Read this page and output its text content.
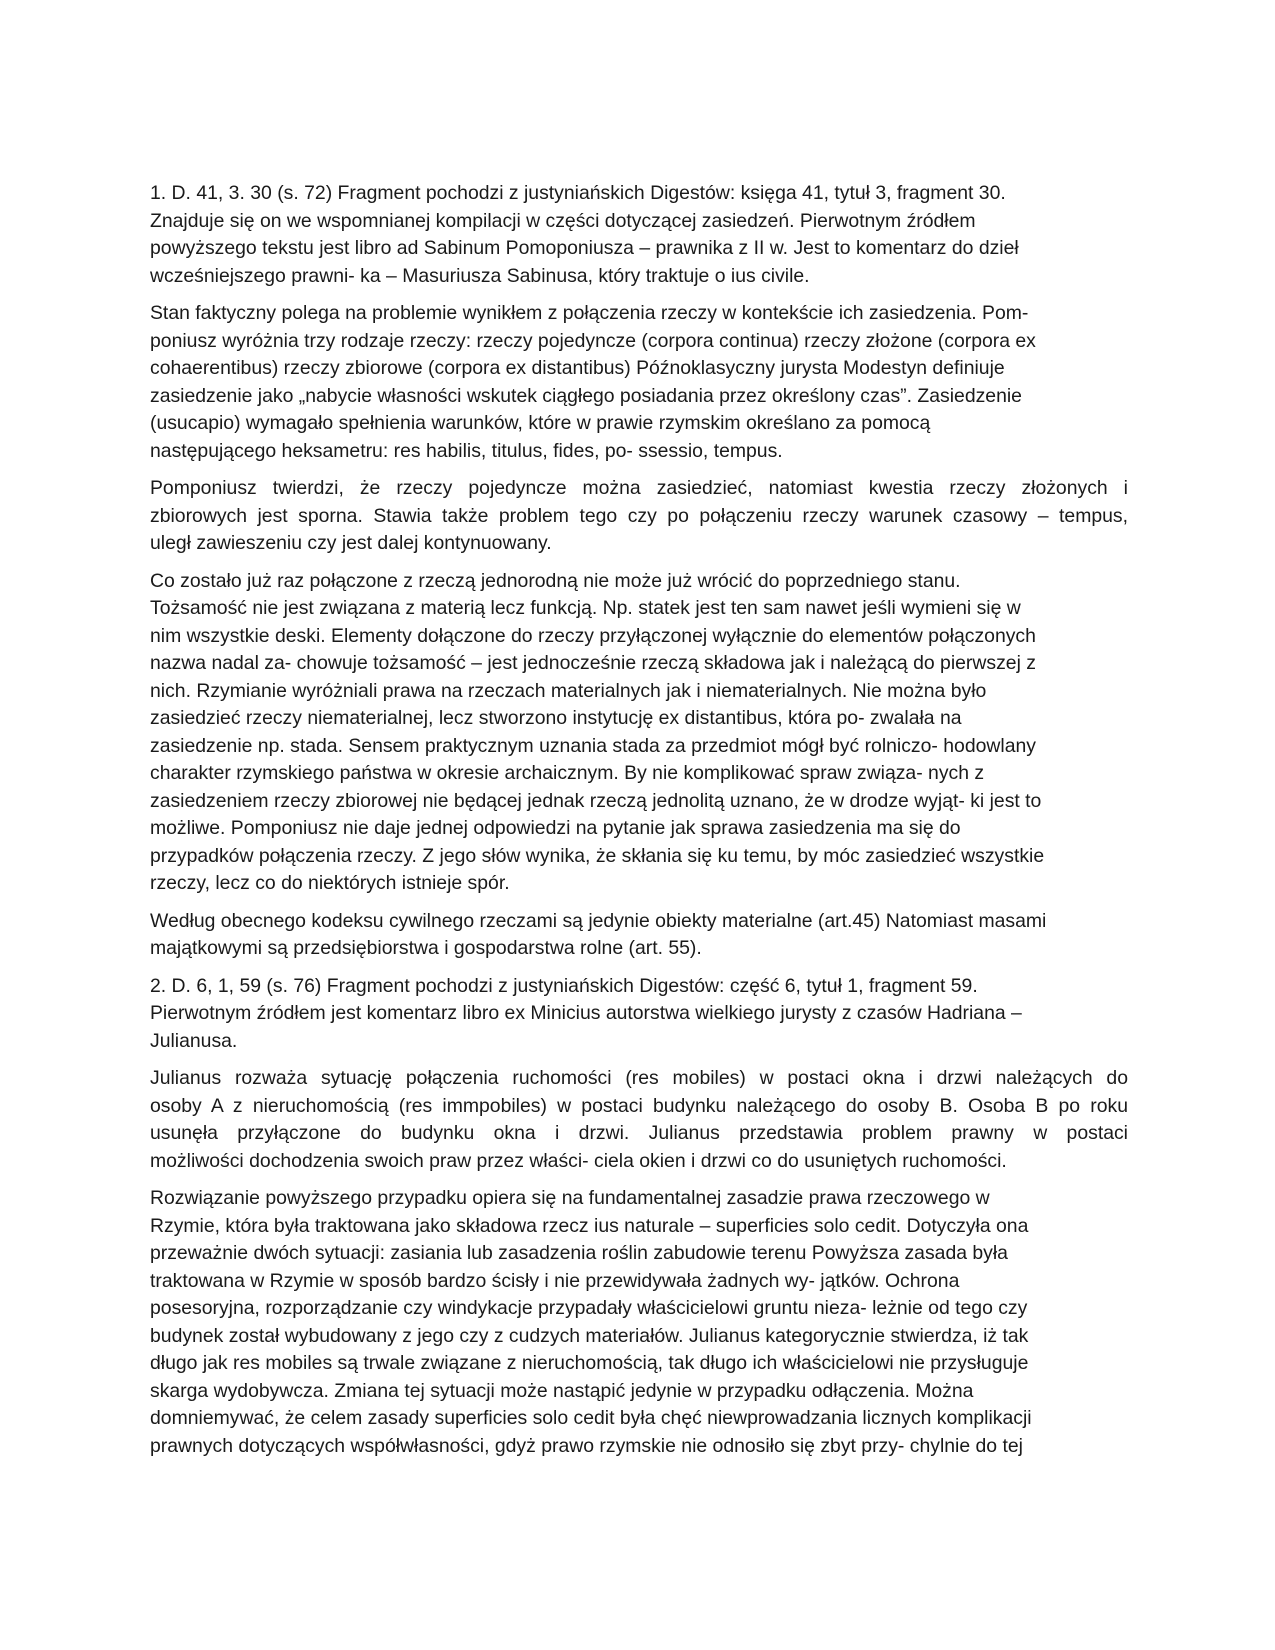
1. D. 41, 3. 30 (s. 72) Fragment pochodzi z justyniańskich Digestów: księga 41, tytuł 3, fragment 30.
Znajduje się on we wspomnianej kompilacji w części dotyczącej zasiedzeń. Pierwotnym źródłem
powyższego tekstu jest libro ad Sabinum Pomoponiusza – prawnika z II w. Jest to komentarz do dzieł
wcześniejszego prawni- ka – Masuriusza Sabinusa, który traktuje o ius civile.
Stan faktyczny polega na problemie wynikłem z połączenia rzeczy w kontekście ich zasiedzenia. Pom-
poniusz wyróżnia trzy rodzaje rzeczy: rzeczy pojedyncze (corpora continua) rzeczy złożone (corpora ex
cohaerentibus) rzeczy zbiorowe (corpora ex distantibus) Późnoklasyczny jurysta Modestyn definiuje
zasiedzenie jako „nabycie własności wskutek ciągłego posiadania przez określony czas”. Zasiedzenie
(usucapio) wymagało spełnienia warunków, które w prawie rzymskim określano za pomocą
następującego heksametru: res habilis, titulus, fides, po- ssessio, tempus.
Pomponiusz twierdzi, że rzeczy pojedyncze można zasiedzieć, natomiast kwestia rzeczy złożonych i
zbiorowych jest sporna. Stawia także problem tego czy po połączeniu rzeczy warunek czasowy – tempus,
uległ zawieszeniu czy jest dalej kontynuowany.
Co zostało już raz połączone z rzeczą jednorodną nie może już wrócić do poprzedniego stanu.
Tożsamość nie jest związana z materią lecz funkcją. Np. statek jest ten sam nawet jeśli wymieni się w
nim wszystkie deski. Elementy dołączone do rzeczy przyłączonej wyłącznie do elementów połączonych
nazwa nadal za- chowuje tożsamość – jest jednocześnie rzeczą składowa jak i należącą do pierwszej z
nich. Rzymianie wyróżniali prawa na rzeczach materialnych jak i niematerialnych. Nie można było
zasiedzieć rzeczy niematerialnej, lecz stworzono instytucję ex distantibus, która po- zwalała na
zasiedzenie np. stada. Sensem praktycznym uznania stada za przedmiot mógł być rolniczo- hodowlany
charakter rzymskiego państwa w okresie archaicznym. By nie komplikować spraw związa- nych z
zasiedzeniem rzeczy zbiorowej nie będącej jednak rzeczą jednolitą uznano, że w drodze wyjąt- ki jest to
możliwe. Pomponiusz nie daje jednej odpowiedzi na pytanie jak sprawa zasiedzenia ma się do
przypadków połączenia rzeczy. Z jego słów wynika, że skłania się ku temu, by móc zasiedzieć wszystkie
rzeczy, lecz co do niektórych istnieje spór.
Według obecnego kodeksu cywilnego rzeczami są jedynie obiekty materialne (art.45) Natomiast masami
majątkowymi są przedsiębiorstwa i gospodarstwa rolne (art. 55).
2. D. 6, 1, 59 (s. 76) Fragment pochodzi z justyniańskich Digestów: część 6, tytuł 1, fragment 59.
Pierwotnym źródłem jest komentarz libro ex Minicius autorstwa wielkiego jurysty z czasów Hadriana –
Julianusa.
Julianus rozważa sytuację połączenia ruchomości (res mobiles) w postaci okna i drzwi należących do
osoby A z nieruchomością (res immpobiles) w postaci budynku należącego do osoby B. Osoba B po roku
usunęła przyłączone do budynku okna i drzwi. Julianus przedstawia problem prawny w postaci
możliwości dochodzenia swoich praw przez właści- ciela okien i drzwi co do usuniętych ruchomości.
Rozwiązanie powyższego przypadku opiera się na fundamentalnej zasadzie prawa rzeczowego w
Rzymie, która była traktowana jako składowa rzecz ius naturale – superficies solo cedit. Dotyczyła ona
przeważnie dwóch sytuacji: zasiania lub zasadzenia roślin zabudowie terenu Powyższa zasada była
traktowana w Rzymie w sposób bardzo ścisły i nie przewidywała żadnych wy- jątków. Ochrona
posesoryjna, rozporządzanie czy windykacje przypadały właścicielowi gruntu nieza- leżnie od tego czy
budynek został wybudowany z jego czy z cudzych materiałów. Julianus kategorycznie stwierdza, iż tak
długo jak res mobiles są trwale związane z nieruchomością, tak długo ich właścicielowi nie przysługuje
skarga wydobywcza. Zmiana tej sytuacji może nastąpić jedynie w przypadku odłączenia. Można
domniemywać, że celem zasady superficies solo cedit była chęć niewprowadzania licznych komplikacji
prawnych dotyczących współwłasności, gdyż prawo rzymskie nie odnosiło się zbyt przy- chylnie do tej
